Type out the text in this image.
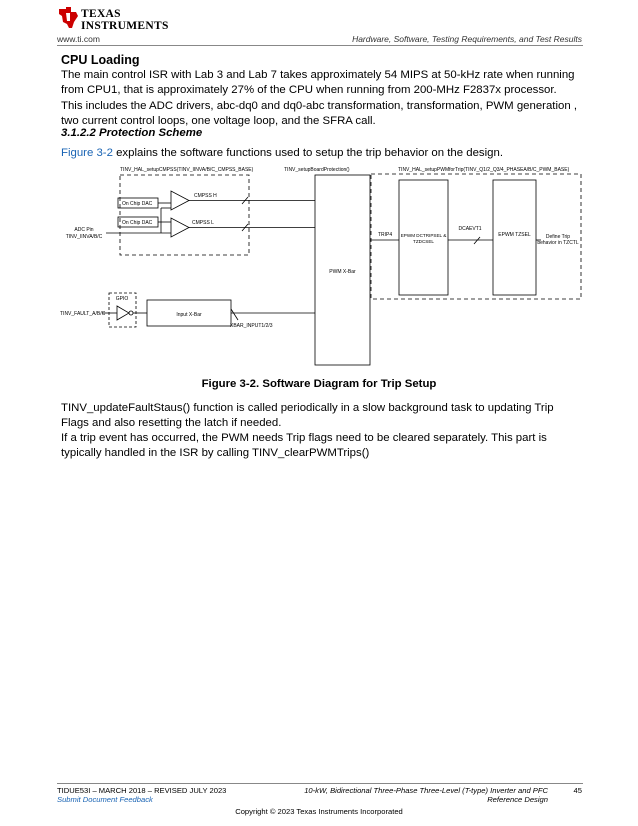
TEXAS
INSTRUMENTS
www.ti.com	Hardware, Software, Testing Requirements, and Test Results
CPU Loading

The main control ISR with Lab 3 and Lab 7 takes approximately 54 MIPS at 50-kHz rate when running from CPU1, that is approximately 27% of the CPU when running from 200-MHz F2837x processor. This includes the ADC drivers, abc-dq0 and dq0-abc transformation, transformation, PWM generation , two current control loops, one voltage loop, and the SFRA call.

3.1.2.2 Protection Scheme

Figure 3-2 explains the software functions used to setup the trip behavior on the design.

TINV_HAL_setupCMPSS(TINV_IINVA/B/C_CMPSS_BASE)	TINV_setupBoardProtection()	TINV_HAL_setupPWMforTrip(TINV_Q1/2_Q3/4_PHASEA/B/C_PWM_BASE)
On Chip DAC
On Chip DAC
CMPSS H
CMPSS L
ADC Pin
TINV_IINVA/B/C
PWM X-Bar
TRIP4 EPWM DCTRIPSEL &
TZDCSEL
DCAEVT1
EPWM TZSEL	Define Trip
behavior in TZCTL
GPIO
Input X-Bar
TINV_FAULT_A/B/C
XBAR_INPUT1/2/3
Figure 3-2. Software Diagram for Trip Setup

TINV_updateFaultStaus() function is called periodically in a slow background task to updating Trip Flags and also resetting the latch if needed.

If a trip event has occurred, the PWM needs Trip flags need to be cleared separately. This part is typically handled in the ISR by calling TINV_clearPWMTrips()

TIDUE53I – MARCH 2018 – REVISED JULY 2023
Submit Document Feedback
10-kW, Bidirectional Three-Phase Three-Level (T-type) Inverter and PFC	45
Reference Design
Copyright © 2023 Texas Instruments Incorporated
